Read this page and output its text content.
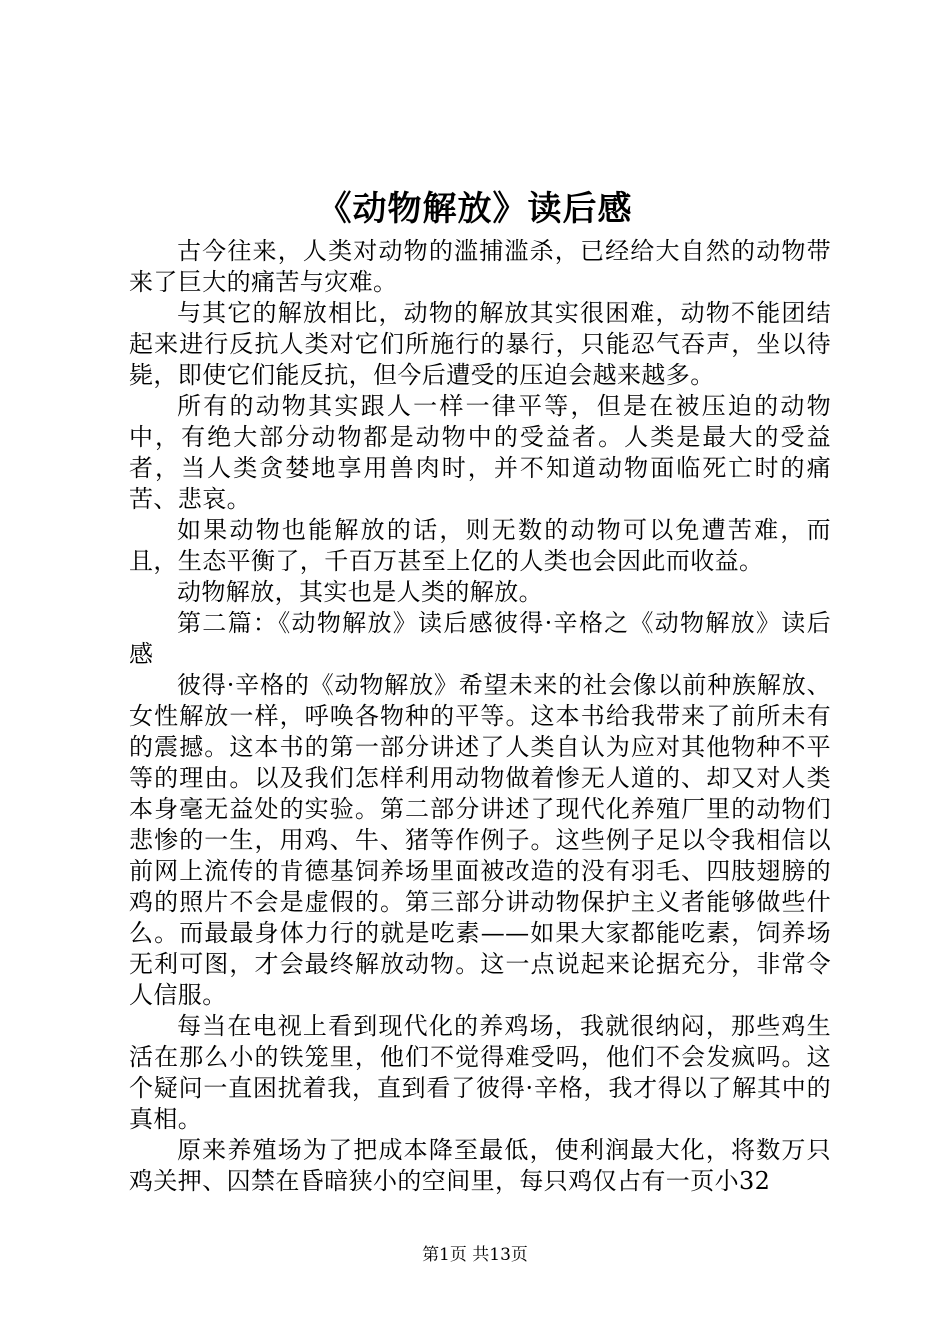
《动物解放》读后感

古今往来，人类对动物的滥捕滥杀，已经给大自然的动物带来了巨大的痛苦与灾难。

与其它的解放相比，动物的解放其实很困难，动物不能团结起来进行反抗人类对它们所施行的暴行，只能忍气吞声，坐以待毙，即使它们能反抗，但今后遭受的压迫会越来越多。

所有的动物其实跟人一样一律平等，但是在被压迫的动物中，有绝大部分动物都是动物中的受益者。人类是最大的受益者，当人类贪婪地享用兽肉时，并不知道动物面临死亡时的痛苦、悲哀。

如果动物也能解放的话，则无数的动物可以免遭苦难，而且，生态平衡了，千百万甚至上亿的人类也会因此而收益。

动物解放，其实也是人类的解放。

第二篇：《动物解放》读后感彼得·辛格之《动物解放》读后感

彼得·辛格的《动物解放》希望未来的社会像以前种族解放、女性解放一样，呼唤各物种的平等。这本书给我带来了前所未有的震撼。这本书的第一部分讲述了人类自认为应对其他物种不平等的理由。以及我们怎样利用动物做着惨无人道的、却又对人类本身毫无益处的实验。第二部分讲述了现代化养殖厂里的动物们悲惨的一生，用鸡、牛、猪等作例子。这些例子足以令我相信以前网上流传的肯德基饲养场里面被改造的没有羽毛、四肢翅膀的鸡的照片不会是虚假的。第三部分讲动物保护主义者能够做些什么。而最最身体力行的就是吃素——如果大家都能吃素，饲养场无利可图，才会最终解放动物。这一点说起来论据充分，非常令人信服。

每当在电视上看到现代化的养鸡场，我就很纳闷，那些鸡生活在那么小的铁笼里，他们不觉得难受吗，他们不会发疯吗。这个疑问一直困扰着我，直到看了彼得·辛格，我才得以了解其中的真相。

原来养殖场为了把成本降至最低，使利润最大化，将数万只鸡关押、囚禁在昏暗狭小的空间里，每只鸡仅占有一页小32

第1页 共13页
